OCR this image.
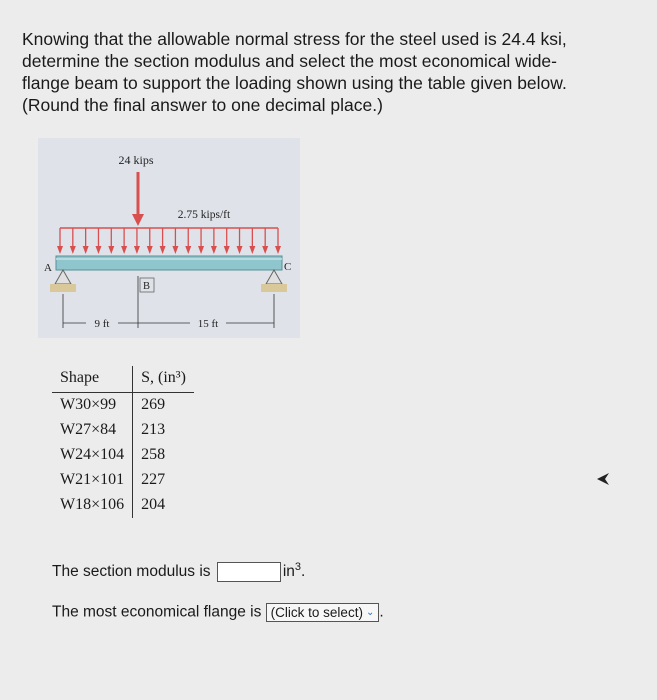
Knowing that the allowable normal stress for the steel used is 24.4 ksi,
determine the section modulus and select the most economical wide-
flange beam to support the loading shown using the table given below.
(Round the final answer to one decimal place.)
24 kips
2.75 kips/ft
A	C
B
9 ft	15 ft
Shape	S, (in³)
W30×99	269
W27×84	213
W24×104	258
W21×101	227
W18×106	204
The section modulus is	$in^3$.
The most economical flange is (Click to select) ⌄ .
